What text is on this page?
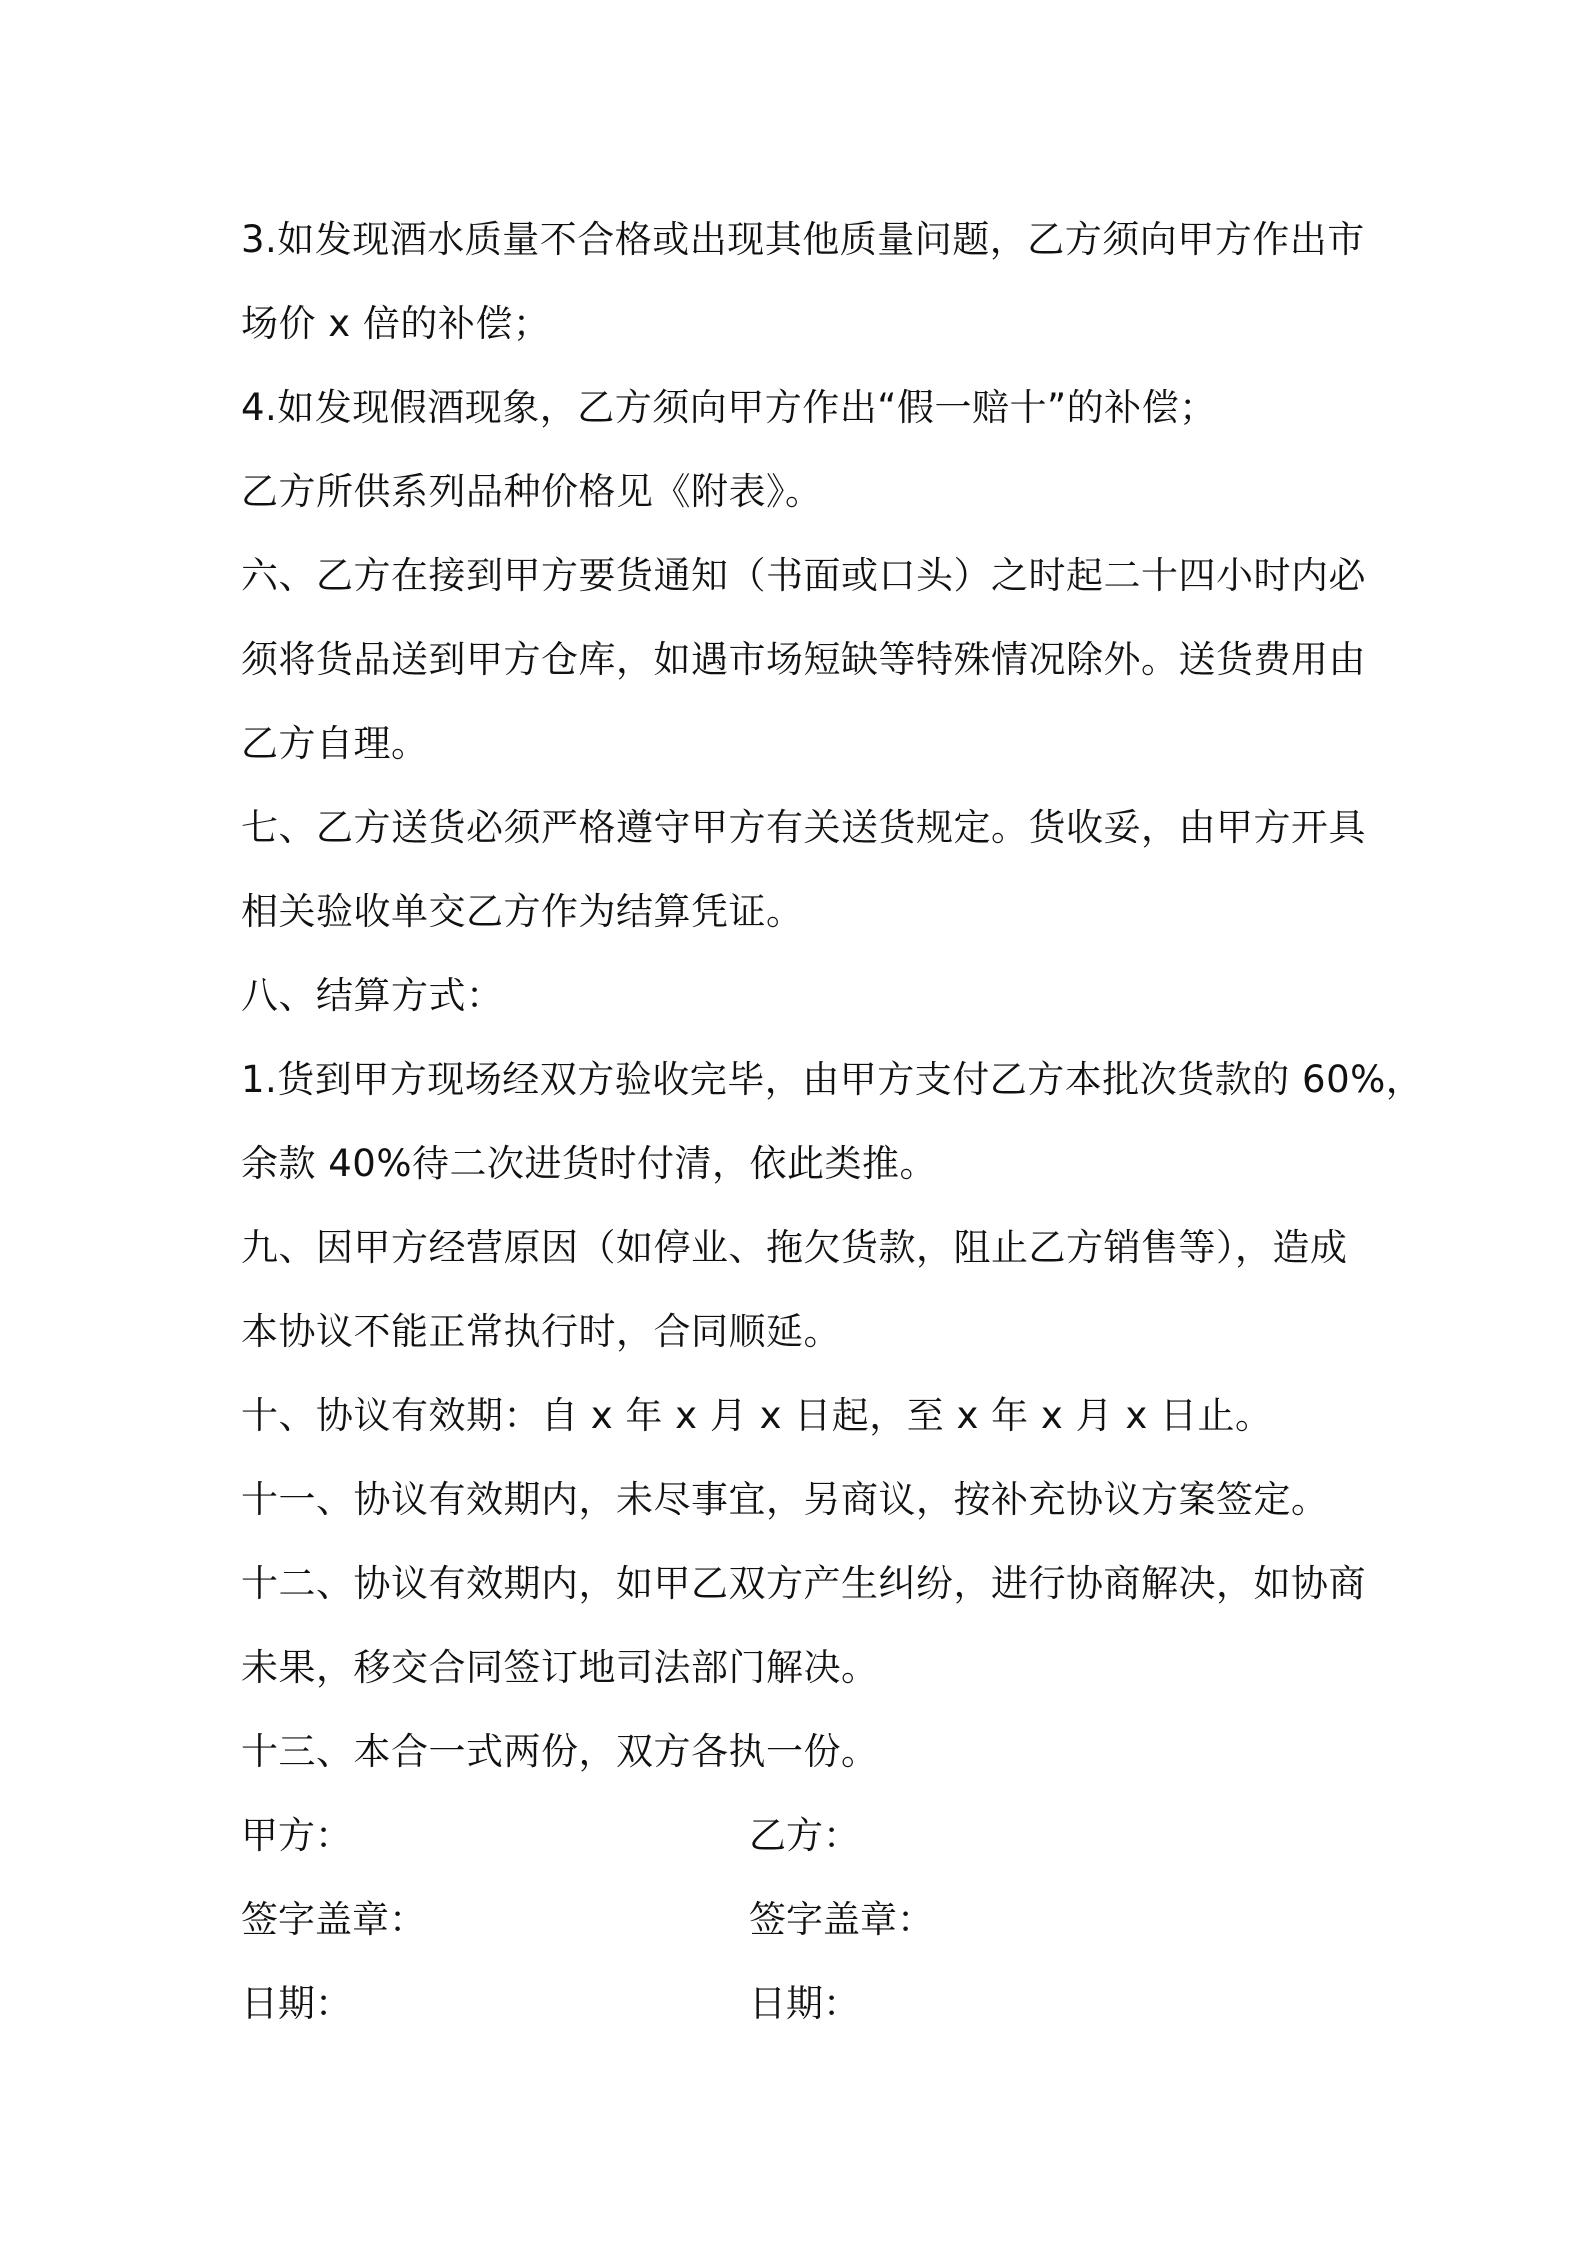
3.如发现酒水质量不合格或出现其他质量问题，乙方须向甲方作出市
场价 x 倍的补偿；
4.如发现假酒现象，乙方须向甲方作出“假一赔十”的补偿；
乙方所供系列品种价格见《附表》。
六、乙方在接到甲方要货通知（书面或口头）之时起二十四小时内必
须将货品送到甲方仓库，如遇市场短缺等特殊情况除外。送货费用由
乙方自理。
七、乙方送货必须严格遵守甲方有关送货规定。货收妥，由甲方开具
相关验收单交乙方作为结算凭证。
八、结算方式：
1.货到甲方现场经双方验收完毕，由甲方支付乙方本批次货款的 60%，
余款 40%待二次进货时付清，依此类推。
九、因甲方经营原因（如停业、拖欠货款，阻止乙方销售等），造成
本协议不能正常执行时，合同顺延。
十、协议有效期：自 x 年 x 月 x 日起，至 x 年 x 月 x 日止。
十一、协议有效期内，未尽事宜，另商议，按补充协议方案签定。
十二、协议有效期内，如甲乙双方产生纠纷，进行协商解决，如协商
未果，移交合同签订地司法部门解决。
十三、本合一式两份，双方各执一份。
甲方：	乙方：
签字盖章：	签字盖章：
日期：	日期：
